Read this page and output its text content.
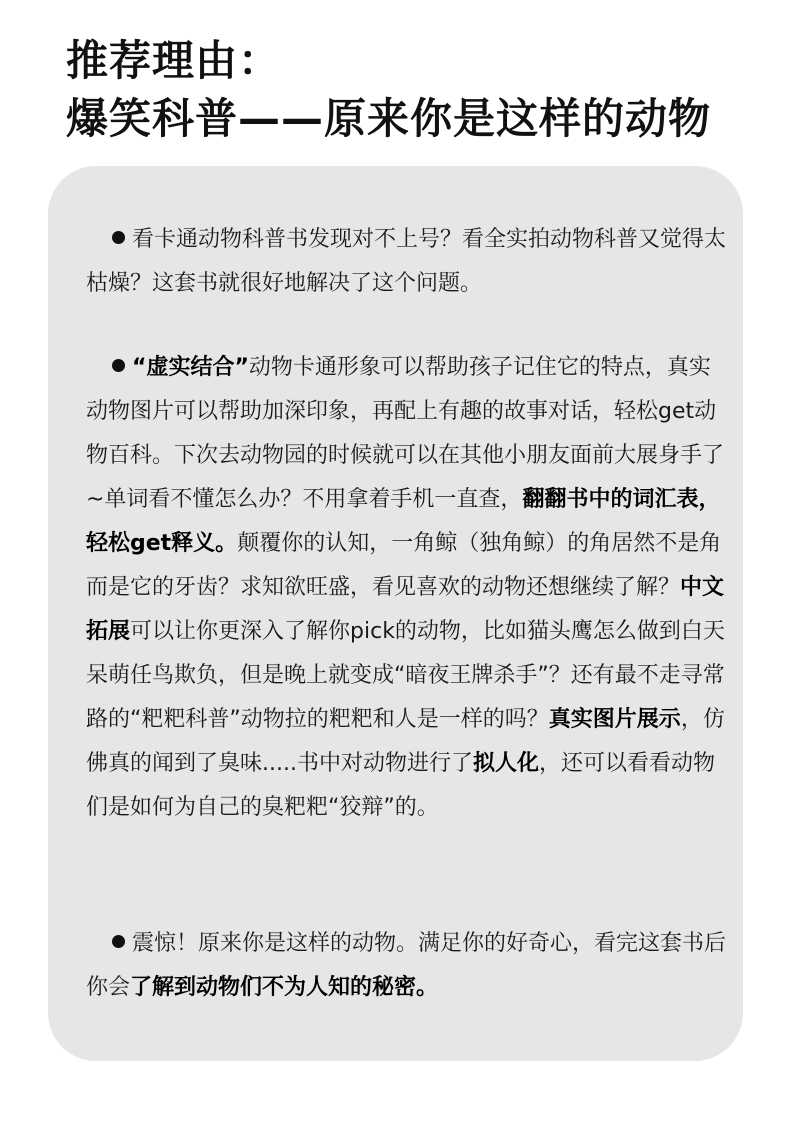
推荐理由：
爆笑科普——原来你是这样的动物
看卡通动物科普书发现对不上号？看全实拍动物科普又觉得太枯燥？这套书就很好地解决了这个问题。
“虚实结合”动物卡通形象可以帮助孩子记住它的特点，真实动物图片可以帮助加深印象，再配上有趣的故事对话，轻松get动物百科。下次去动物园的时候就可以在其他小朋友面前大展身手了~单词看不懂怎么办？不用拿着手机一直查，翻翻书中的词汇表，轻松get释义。颠覆你的认知，一角鲸（独角鲸）的角居然不是角而是它的牙齿？求知欲旺盛，看见喜欢的动物还想继续了解？中文拓展可以让你更深入了解你pick的动物，比如猫头鹰怎么做到白天呆萌任鸟欺负，但是晚上就变成“暗夜王牌杀手”？还有最不走寻常路的“粑粑科普”动物拉的粑粑和人是一样的吗？真实图片展示，仿佛真的闻到了臭味.....书中对动物进行了拟人化，还可以看看动物们是如何为自己的臭粑粑“狡辩”的。
震惊！原来你是这样的动物。满足你的好奇心，看完这套书后你会了解到动物们不为人知的秘密。
